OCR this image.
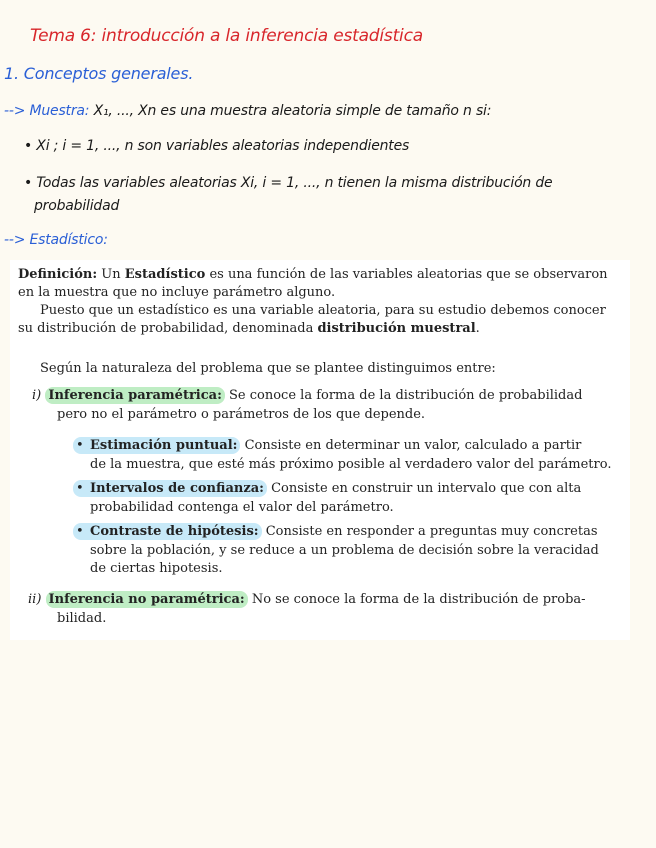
Tema 6: introducción a la inferencia estadística
1. Conceptos generales.
--> Muestra: X₁, ..., Xn es una muestra aleatoria simple de tamaño n si:
• Xi ; i = 1, ..., n son variables aleatorias independientes
• Todas las variables aleatorias Xi, i = 1, ..., n tienen la misma distribución de
probabilidad
--> Estadístico:
Definición: Un Estadístico es una función de las variables aleatorias que se observaron
en la muestra que no incluye parámetro alguno.
Puesto que un estadístico es una variable aleatoria, para su estudio debemos conocer
su distribución de probabilidad, denominada distribución muestral.
Según la naturaleza del problema que se plantee distinguimos entre:
i) Inferencia paramétrica: Se conoce la forma de la distribución de probabilidad
pero no el parámetro o parámetros de los que depende.
• Estimación puntual: Consiste en determinar un valor, calculado a partir
de la muestra, que esté más próximo posible al verdadero valor del parámetro.
• Intervalos de confianza: Consiste en construir un intervalo que con alta
probabilidad contenga el valor del parámetro.
• Contraste de hipótesis: Consiste en responder a preguntas muy concretas
sobre la población, y se reduce a un problema de decisión sobre la veracidad
de ciertas hipotesis.
ii) Inferencia no paramétrica: No se conoce la forma de la distribución de proba-
bilidad.
